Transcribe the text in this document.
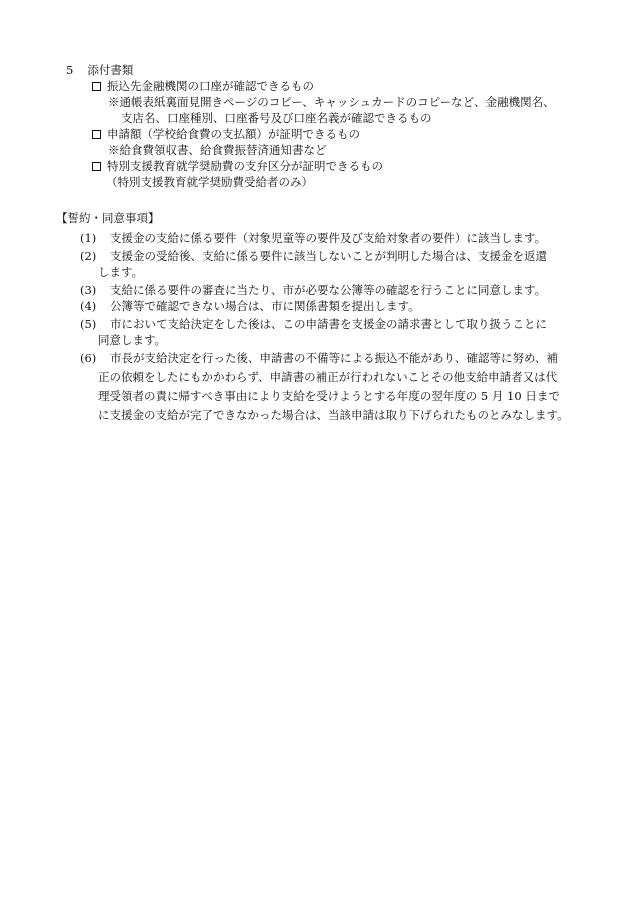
5 添付書類
振込先金融機関の口座が確認できるもの
※通帳表紙裏面見開きページのコピー、キャッシュカードのコピーなど、金融機関名、
支店名、口座種別、口座番号及び口座名義が確認できるもの
申請額（学校給食費の支払額）が証明できるもの
※給食費領収書、給食費振替済通知書など
特別支援教育就学奨励費の支弁区分が証明できるもの
（特別支援教育就学奨励費受給者のみ）
【誓約・同意事項】
(1) 支援金の支給に係る要件（対象児童等の要件及び支給対象者の要件）に該当します。
(2) 支援金の受給後、支給に係る要件に該当しないことが判明した場合は、支援金を返還
します。
(3) 支給に係る要件の審査に当たり、市が必要な公簿等の確認を行うことに同意します。
(4) 公簿等で確認できない場合は、市に関係書類を提出します。
(5) 市において支給決定をした後は、この申請書を支援金の請求書として取り扱うことに
同意します。
(6) 市長が支給決定を行った後、申請書の不備等による振込不能があり、確認等に努め、補
正の依頼をしたにもかかわらず、申請書の補正が行われないことその他支給申請者又は代
理受領者の責に帰すべき事由により支給を受けようとする年度の翌年度の 5 月 10 日まで
に支援金の支給が完了できなかった場合は、当該申請は取り下げられたものとみなします。
